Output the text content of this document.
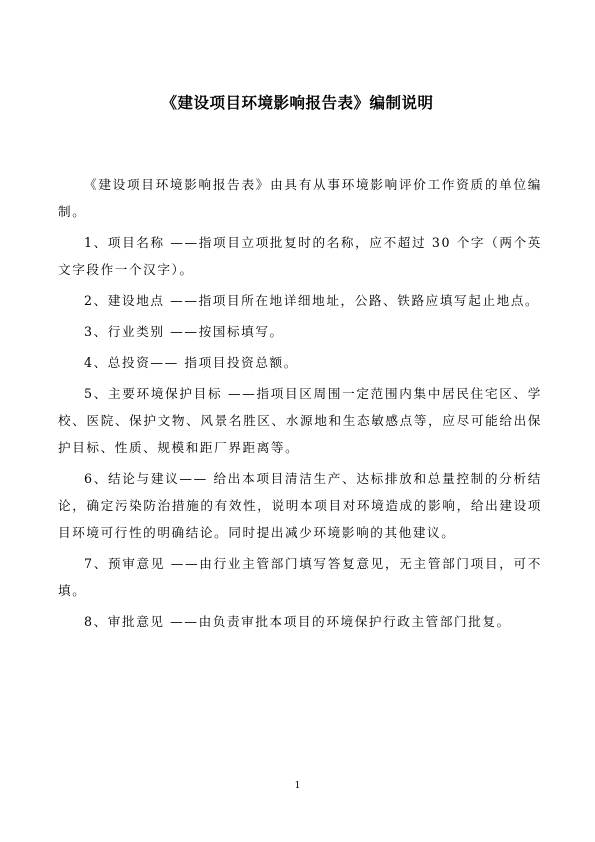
《建设项目环境影响报告表》编制说明

《建设项目环境影响报告表》由具有从事环境影响评价工作资质的单位编制。

1、项目名称 ——指项目立项批复时的名称，应不超过 30 个字（两个英文字段作一个汉字）。

2、建设地点 ——指项目所在地详细地址，公路、铁路应填写起止地点。

3、行业类别 ——按国标填写。

4、总投资—— 指项目投资总额。

5、主要环境保护目标 ——指项目区周围一定范围内集中居民住宅区、学校、医院、保护文物、风景名胜区、水源地和生态敏感点等，应尽可能给出保护目标、性质、规模和距厂界距离等。

6、结论与建议—— 给出本项目清洁生产、达标排放和总量控制的分析结论，确定污染防治措施的有效性，说明本项目对环境造成的影响，给出建设项目环境可行性的明确结论。同时提出减少环境影响的其他建议。

7、预审意见 ——由行业主管部门填写答复意见，无主管部门项目，可不填。

8、审批意见 ——由负责审批本项目的环境保护行政主管部门批复。

1
